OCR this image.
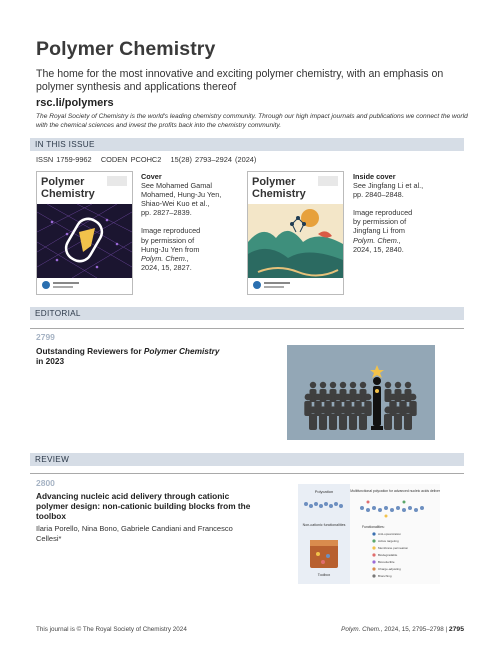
Polymer Chemistry
The home for the most innovative and exciting polymer chemistry, with an emphasis on polymer synthesis and applications thereof
rsc.li/polymers
The Royal Society of Chemistry is the world's leading chemistry community. Through our high impact journals and publications we connect the world with the chemical sciences and invest the profits back into the chemistry community.
IN THIS ISSUE
ISSN 1759-9962 CODEN PCOHC2 15(28) 2793–2924 (2024)
Polymer
Chemistry
Cover
See Mohamed Gamal
Mohamed, Hung-Ju Yen,
Shiao-Wei Kuo et al.,
pp. 2827–2839.
Image reproduced
by permission of
Hung-Ju Yen from
Polym. Chem.,
2024, 15, 2827.
Polymer
Chemistry
Inside cover
See Jingfang Li et al.,
pp. 2840–2848.
Image reproduced
by permission of
Jingfang Li from
Polym. Chem.,
2024, 15, 2840.
EDITORIAL
2799
Outstanding Reviewers for Polymer Chemistry
in 2023
REVIEW
2800
Advancing nucleic acid delivery through cationic polymer design: non-cationic building blocks from the toolbox
Ilaria Porello, Nina Bono, Gabriele Candiani and Francesco Cellesi*
Polycation
Non-cationic functionalities
Toolbox
Multifunctional polycation for advanced nucleic acids delivery
Functionalities:
Anti-opsonization
Active targeting
Membrane permeation
Biodegradable
Bioreducible
Charge-adjusting
Branching
This journal is © The Royal Society of Chemistry 2024	Polym. Chem., 2024, 15, 2795–2798 | 2795
